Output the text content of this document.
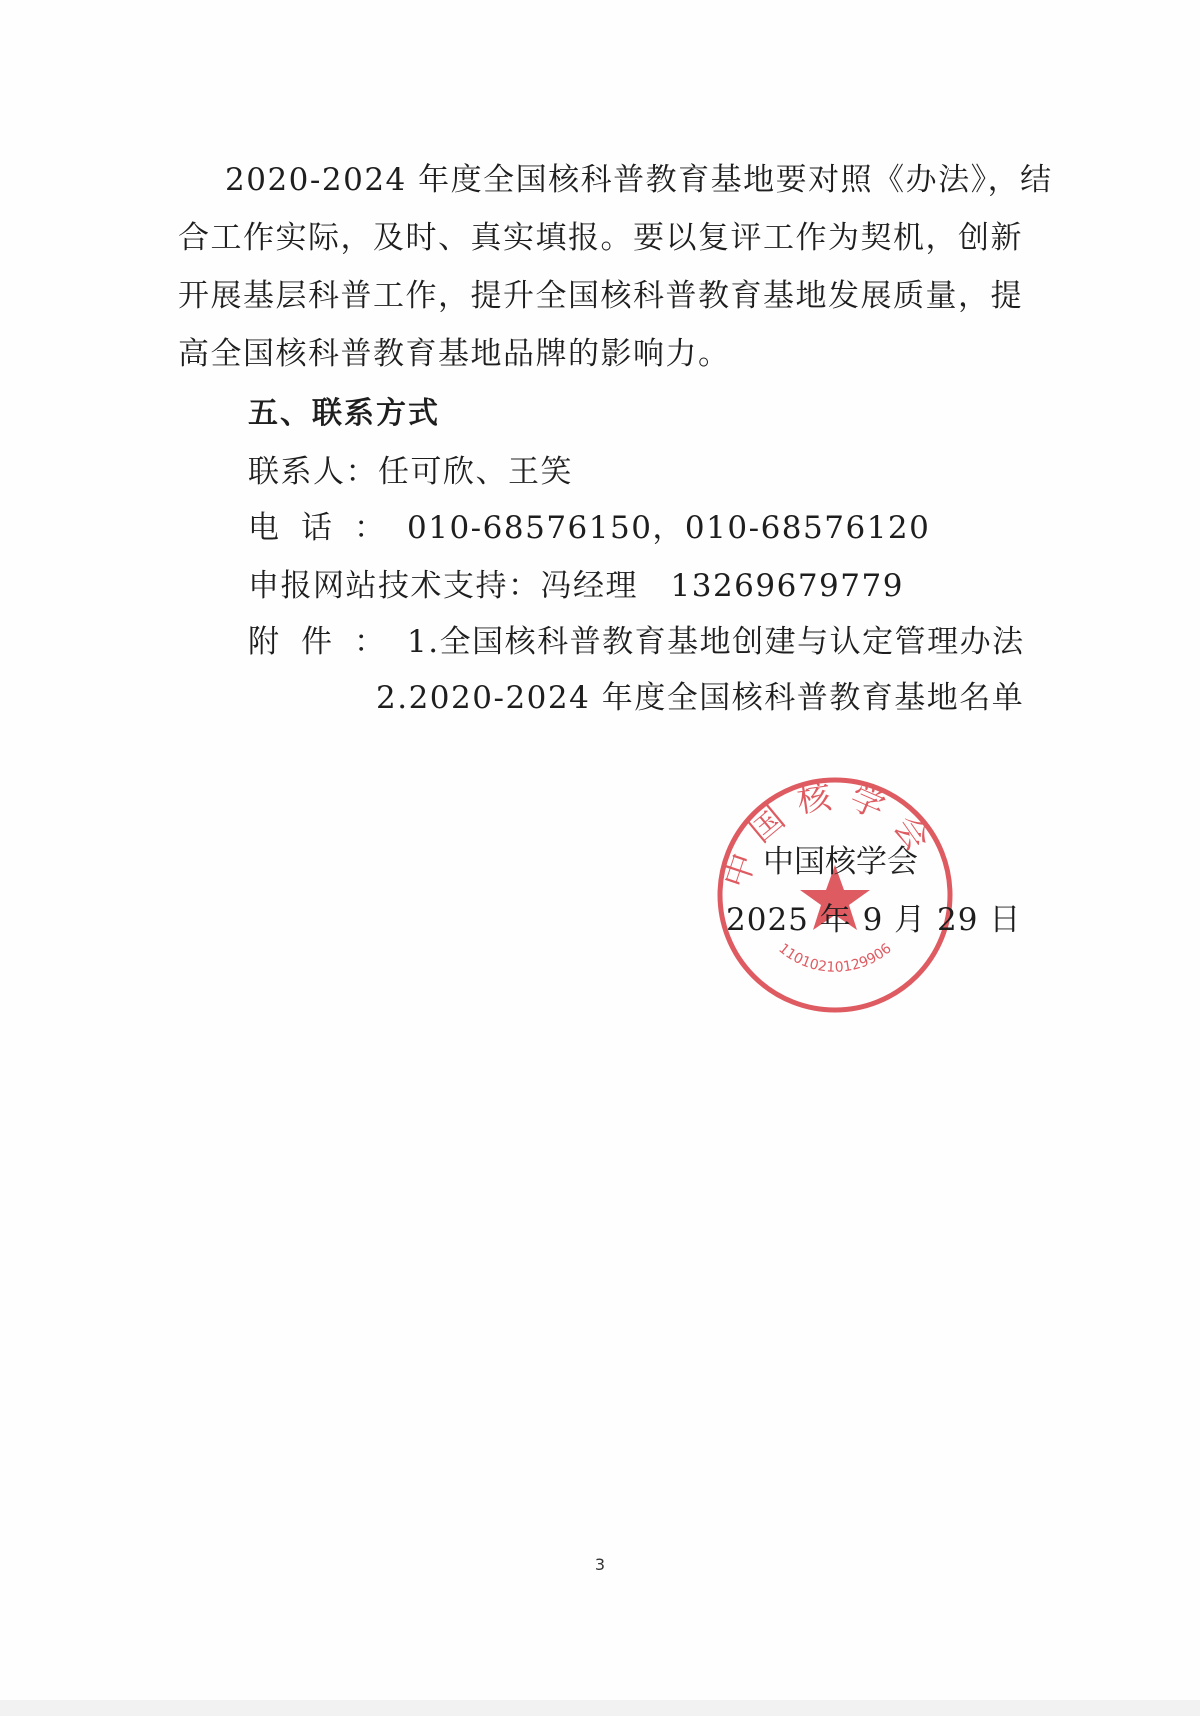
2020-2024 年度全国核科普教育基地要对照《办法》，结
合工作实际，及时、真实填报。要以复评工作为契机，创新
开展基层科普工作，提升全国核科普教育基地发展质量，提
高全国核科普教育基地品牌的影响力。
五、联系方式
联系人：任可欣、王笑
电话：010-68576150，010-68576120
申报网站技术支持：冯经理　13269679779
附件：1.全国核科普教育基地创建与认定管理办法
2.2020-2024 年度全国核科普教育基地名单
中国核学会
11010210129906
中国核学会
2025 年 9 月 29 日
3
